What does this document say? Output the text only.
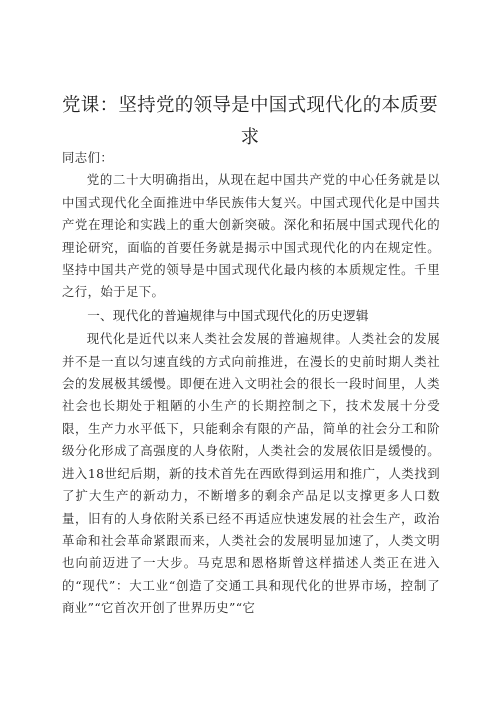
党课：坚持党的领导是中国式现代化的本质要求

同志们：

党的二十大明确指出，从现在起中国共产党的中心任务就是以中国式现代化全面推进中华民族伟大复兴。中国式现代化是中国共产党在理论和实践上的重大创新突破。深化和拓展中国式现代化的理论研究，面临的首要任务就是揭示中国式现代化的内在规定性。坚持中国共产党的领导是中国式现代化最内核的本质规定性。千里之行，始于足下。

一、现代化的普遍规律与中国式现代化的历史逻辑

现代化是近代以来人类社会发展的普遍规律。人类社会的发展并不是一直以匀速直线的方式向前推进，在漫长的史前时期人类社会的发展极其缓慢。即便在进入文明社会的很长一段时间里，人类社会也长期处于粗陋的小生产的长期控制之下，技术发展十分受限，生产力水平低下，只能剩余有限的产品，简单的社会分工和阶级分化形成了高强度的人身依附，人类社会的发展依旧是缓慢的。进入18世纪后期，新的技术首先在西欧得到运用和推广，人类找到了扩大生产的新动力，不断增多的剩余产品足以支撑更多人口数量，旧有的人身依附关系已经不再适应快速发展的社会生产，政治革命和社会革命紧跟而来，人类社会的发展明显加速了，人类文明也向前迈进了一大步。马克思和恩格斯曾这样描述人类正在进入的“现代”：大工业“创造了交通工具和现代化的世界市场，控制了商业”“它首次开创了世界历史”“它
